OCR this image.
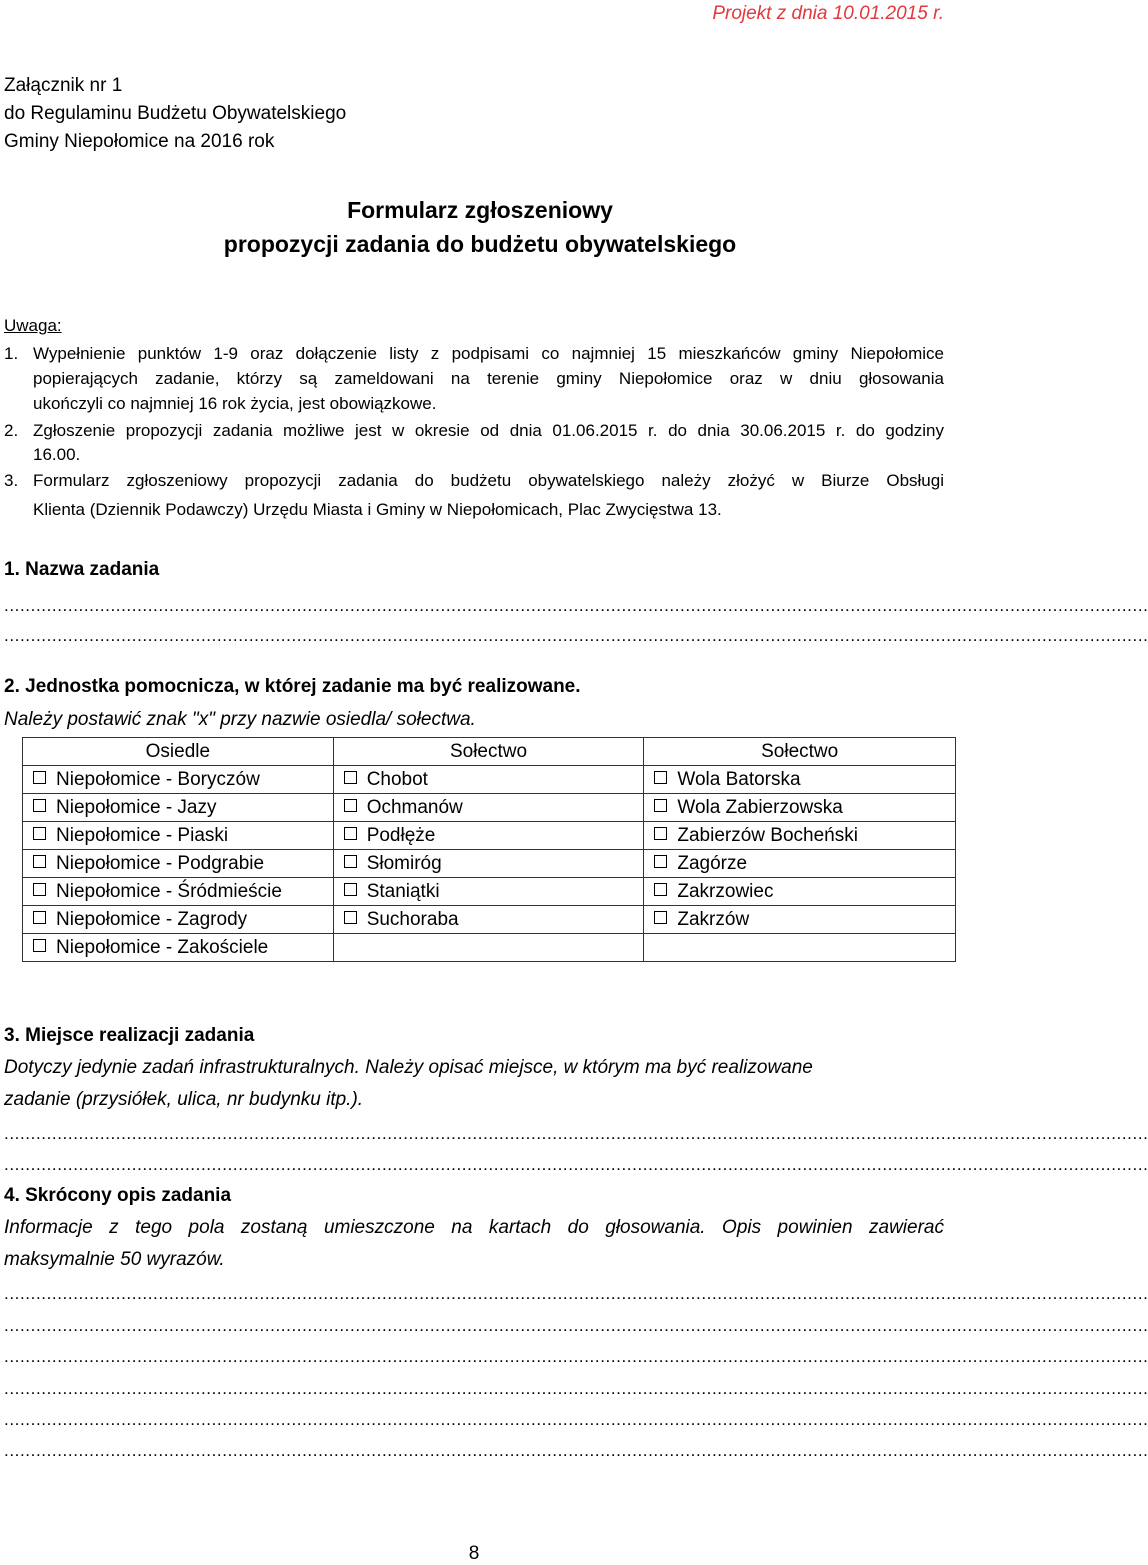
Projekt z dnia 10.01.2015 r.
Załącznik nr 1
do Regulaminu Budżetu Obywatelskiego
Gminy Niepołomice na 2016 rok
Formularz zgłoszeniowy
propozycji zadania do budżetu obywatelskiego
Uwaga:
1. Wypełnienie punktów 1-9 oraz dołączenie listy z podpisami co najmniej 15 mieszkańców gminy Niepołomice popierających zadanie, którzy są zameldowani na terenie gminy Niepołomice oraz w dniu głosowania
ukończyli co najmniej 16 rok życia, jest obowiązkowe.
2. Zgłoszenie propozycji zadania możliwe jest w okresie od dnia 01.06.2015 r. do dnia 30.06.2015 r. do godziny
16.00.
3. Formularz zgłoszeniowy propozycji zadania do budżetu obywatelskiego należy złożyć w Biurze Obsługi
Klienta (Dziennik Podawczy) Urzędu Miasta i Gminy w Niepołomicach, Plac Zwycięstwa 13.
1. Nazwa zadania
.......................................................................................................................................................................................................................
.......................................................................................................................................................................................................................
2. Jednostka pomocnicza, w której zadanie ma być realizowane.
Należy postawić znak "x" przy nazwie osiedla/ sołectwa.
Osiedle	Sołectwo	Sołectwo
Niepołomice - Boryczów	Chobot	Wola Batorska
Niepołomice - Jazy	Ochmanów	Wola Zabierzowska
Niepołomice - Piaski	Podłęże	Zabierzów Bocheński
Niepołomice - Podgrabie	Słomiróg	Zagórze
Niepołomice - Śródmieście	Staniątki	Zakrzowiec
Niepołomice - Zagrody	Suchoraba	Zakrzów
Niepołomice - Zakościele		
3. Miejsce realizacji zadania
Dotyczy jedynie zadań infrastrukturalnych. Należy opisać miejsce, w którym ma być realizowane
zadanie (przysiółek, ulica, nr budynku itp.).
.......................................................................................................................................................................................................................
.......................................................................................................................................................................................................................
4. Skrócony opis zadania
Informacje z tego pola zostaną umieszczone na kartach do głosowania. Opis powinien zawierać
maksymalnie 50 wyrazów.
.......................................................................................................................................................................................................................
.......................................................................................................................................................................................................................
.......................................................................................................................................................................................................................
.......................................................................................................................................................................................................................
.......................................................................................................................................................................................................................
.......................................................................................................................................................................................................................
8
